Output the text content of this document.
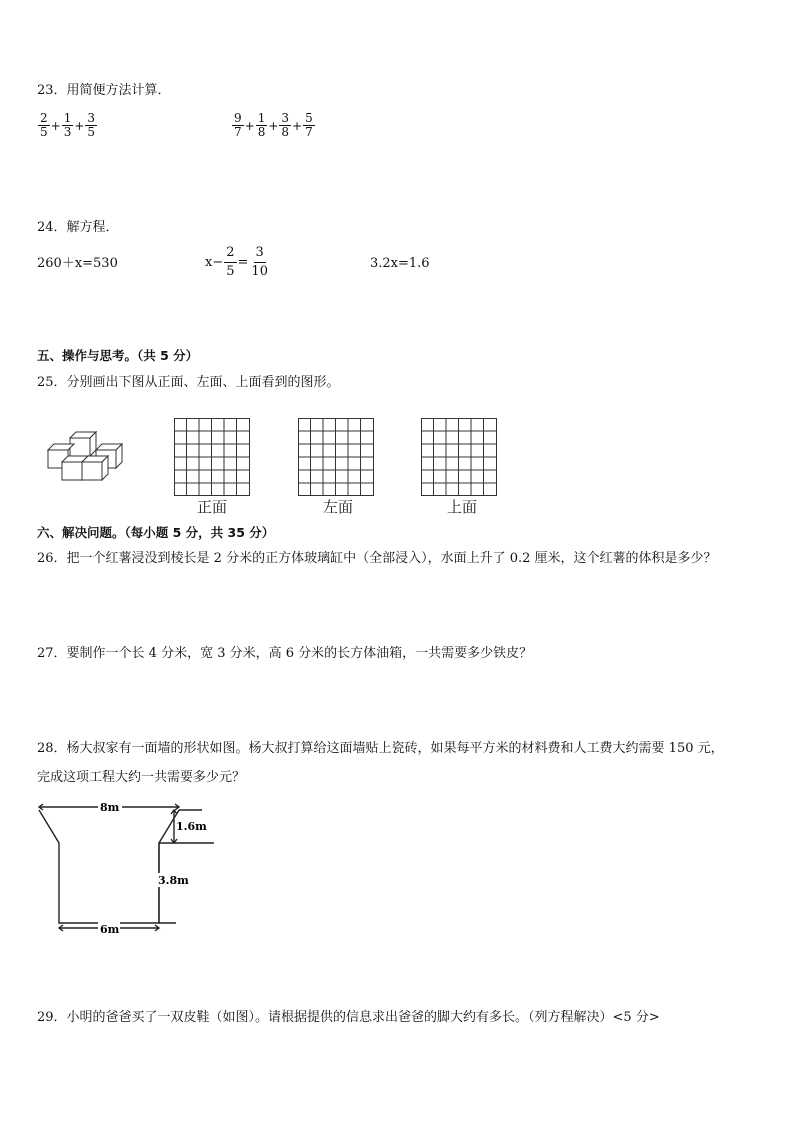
23．用简便方法计算．
$\frac{2}{5} + \frac{1}{3} + \frac{3}{5}$	$\frac{9}{7} + \frac{1}{8} + \frac{3}{8} + \frac{5}{7}$
24．解方程．
260＋x=530	$x- \frac{2}{5} = \frac{3}{10}$	3.2x=1.6
五、操作与思考。（共 5 分）
25．分别画出下图从正面、左面、上面看到的图形。
正面	左面	上面
六、解决问题。（每小题 5 分，共 35 分）
26．把一个红薯浸没到棱长是 2 分米的正方体玻璃缸中（全部浸入），水面上升了 0.2 厘米，这个红薯的体积是多少？
27．要制作一个长 4 分米，宽 3 分米，高 6 分米的长方体油箱，一共需要多少铁皮？
28．杨大叔家有一面墙的形状如图。杨大叔打算给这面墙贴上瓷砖，如果每平方米的材料费和人工费大约需要 150 元，
完成这项工程大约一共需要多少元？
8m
1.6m
3.8m
6m
29．小明的爸爸买了一双皮鞋（如图）。请根据提供的信息求出爸爸的脚大约有多长。（列方程解决）<5 分>
